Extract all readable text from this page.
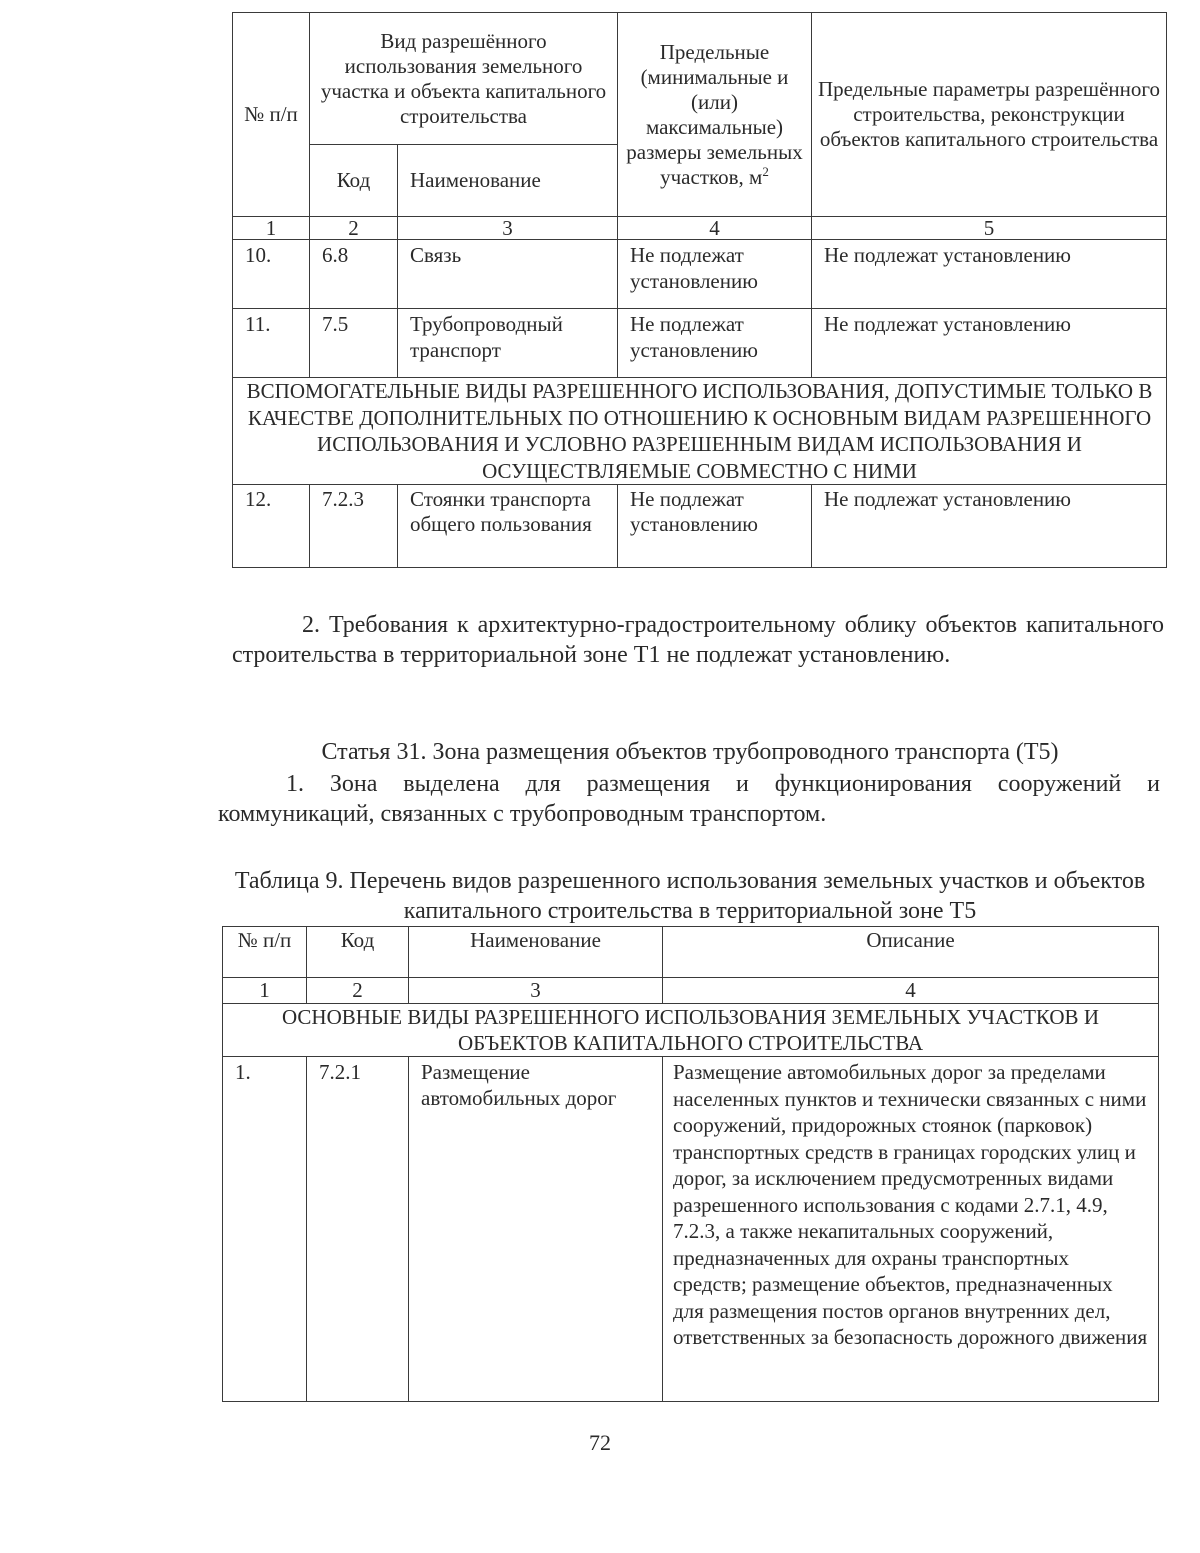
№ п/п	Вид разрешённого использования земельного участка и объекта капитального строительства		Предельные (минимальные и (или) максимальные) размеры земельных участков, $м^2$	Предельные параметры разрешённого строительства, реконструкции объектов капитального строительства
	Код	Наименование		
1	2	3	4	5
10.	6.8	Связь	Не подлежат установлению	Не подлежат установлению
11.	7.5	Трубопроводный транспорт	Не подлежат установлению	Не подлежат установлению
ВСПОМОГАТЕЛЬНЫЕ ВИДЫ РАЗРЕШЕННОГО ИСПОЛЬЗОВАНИЯ, ДОПУСТИМЫЕ ТОЛЬКО В КАЧЕСТВЕ ДОПОЛНИТЕЛЬНЫХ ПО ОТНОШЕНИЮ К ОСНОВНЫМ ВИДАМ РАЗРЕШЕННОГО ИСПОЛЬЗОВАНИЯ И УСЛОВНО РАЗРЕШЕННЫМ ВИДАМ ИСПОЛЬЗОВАНИЯ И ОСУЩЕСТВЛЯЕМЫЕ СОВМЕСТНО С НИМИ				
12.	7.2.3	Стоянки транспорта общего пользования	Не подлежат установлению	Не подлежат установлению
2. Требования к архитектурно-градостроительному облику объектов капитального строительства в территориальной зоне Т1 не подлежат установлению.
Статья 31. Зона размещения объектов трубопроводного транспорта (Т5)
1. Зона выделена для размещения и функционирования сооружений и коммуникаций, связанных с трубопроводным транспортом.
Таблица 9. Перечень видов разрешенного использования земельных участков и объектов капитального строительства в территориальной зоне Т5
№ п/п	Код	Наименование	Описание
1	2	3	4
ОСНОВНЫЕ ВИДЫ РАЗРЕШЕННОГО ИСПОЛЬЗОВАНИЯ ЗЕМЕЛЬНЫХ УЧАСТКОВ И ОБЪЕКТОВ КАПИТАЛЬНОГО СТРОИТЕЛЬСТВА			
1.	7.2.1	Размещение автомобильных дорог	Размещение автомобильных дорог за пределами населенных пунктов и технически связанных с ними сооружений, придорожных стоянок (парковок) транспортных средств в границах городских улиц и дорог, за исключением предусмотренных видами разрешенного использования с кодами 2.7.1, 4.9, 7.2.3, а также некапитальных сооружений, предназначенных для охраны транспортных средств; размещение объектов, предназначенных для размещения постов органов внутренних дел, ответственных за безопасность дорожного движения
72
